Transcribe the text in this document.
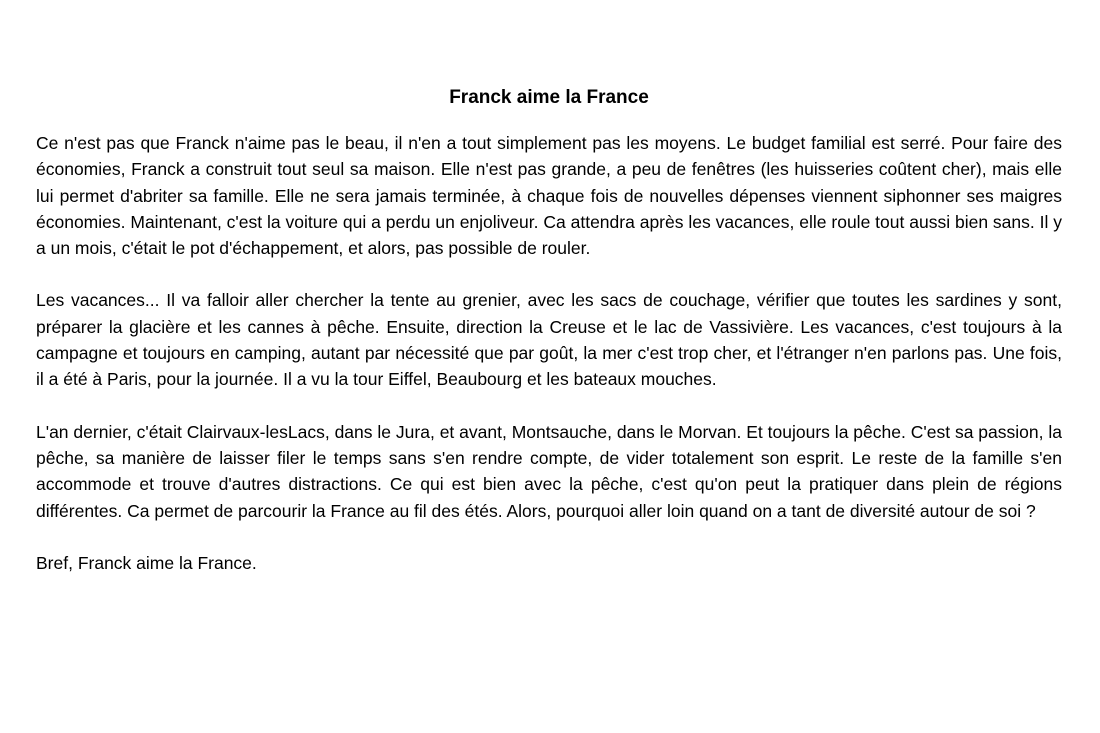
Franck aime la France

Ce n'est pas que Franck n'aime pas le beau, il n'en a tout simplement pas les moyens. Le budget familial est serré. Pour faire des économies, Franck a construit tout seul sa maison. Elle n'est pas grande, a peu de fenêtres (les huisseries coûtent cher), mais elle lui permet d'abriter sa famille. Elle ne sera jamais terminée, à chaque fois de nouvelles dépenses viennent siphonner ses maigres économies. Maintenant, c'est la voiture qui a perdu un enjoliveur. Ca attendra après les vacances, elle roule tout aussi bien sans. Il y a un mois, c'était le pot d'échappement, et alors, pas possible de rouler.

Les vacances... Il va falloir aller chercher la tente au grenier, avec les sacs de couchage, vérifier que toutes les sardines y sont, préparer la glacière et les cannes à pêche. Ensuite, direction la Creuse et le lac de Vassivière. Les vacances, c'est toujours à la campagne et toujours en camping, autant par nécessité que par goût, la mer c'est trop cher, et l'étranger n'en parlons pas. Une fois, il a été à Paris, pour la journée. Il a vu la tour Eiffel, Beaubourg et les bateaux mouches.

L'an dernier, c'était Clairvaux-lesLacs, dans le Jura, et avant, Montsauche, dans le Morvan. Et toujours la pêche. C'est sa passion, la pêche, sa manière de laisser filer le temps sans s'en rendre compte, de vider totalement son esprit. Le reste de la famille s'en accommode et trouve d'autres distractions. Ce qui est bien avec la pêche, c'est qu'on peut la pratiquer dans plein de régions différentes. Ca permet de parcourir la France au fil des étés. Alors, pourquoi aller loin quand on a tant de diversité autour de soi ?

Bref, Franck aime la France.
